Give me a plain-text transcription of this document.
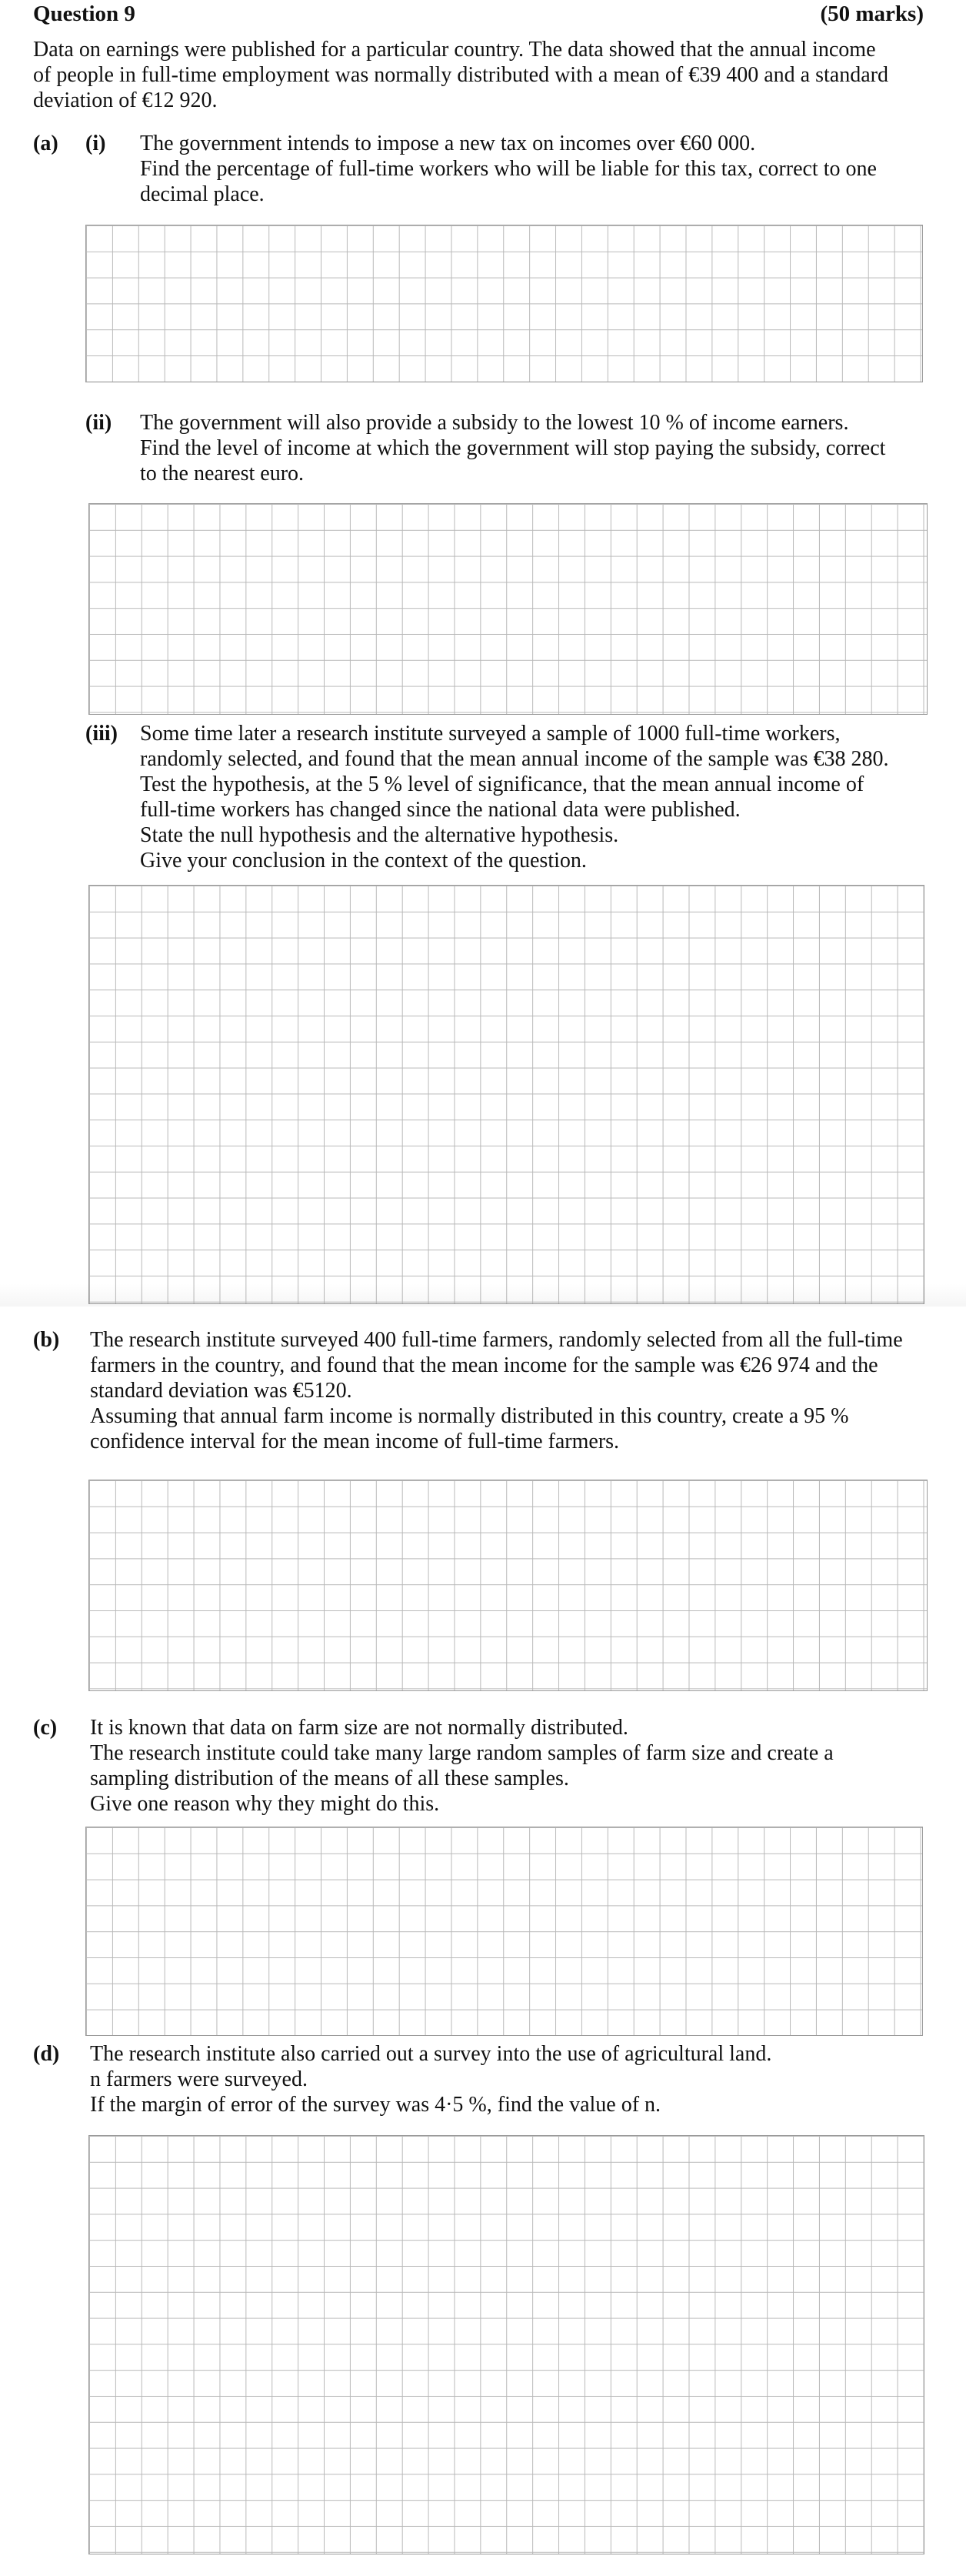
Question 9	(50 marks)
Data on earnings were published for a particular country. The data showed that the annual income
of people in full-time employment was normally distributed with a mean of €39 400 and a standard
deviation of €12 920.
(a) (i) The government intends to impose a new tax on incomes over €60 000.
Find the percentage of full-time workers who will be liable for this tax, correct to one
decimal place.
(ii) The government will also provide a subsidy to the lowest 10 % of income earners.
Find the level of income at which the government will stop paying the subsidy, correct
to the nearest euro.
(iii) Some time later a research institute surveyed a sample of 1000 full-time workers,
randomly selected, and found that the mean annual income of the sample was €38 280.
Test the hypothesis, at the 5 % level of significance, that the mean annual income of
full-time workers has changed since the national data were published.
State the null hypothesis and the alternative hypothesis.
Give your conclusion in the context of the question.
(b) The research institute surveyed 400 full-time farmers, randomly selected from all the full-time
farmers in the country, and found that the mean income for the sample was €26 974 and the
standard deviation was €5120.
Assuming that annual farm income is normally distributed in this country, create a 95 %
confidence interval for the mean income of full-time farmers.
(c) It is known that data on farm size are not normally distributed.
The research institute could take many large random samples of farm size and create a
sampling distribution of the means of all these samples.
Give one reason why they might do this.
(d) The research institute also carried out a survey into the use of agricultural land.
n farmers were surveyed.
If the margin of error of the survey was 4·5 %, find the value of n.
